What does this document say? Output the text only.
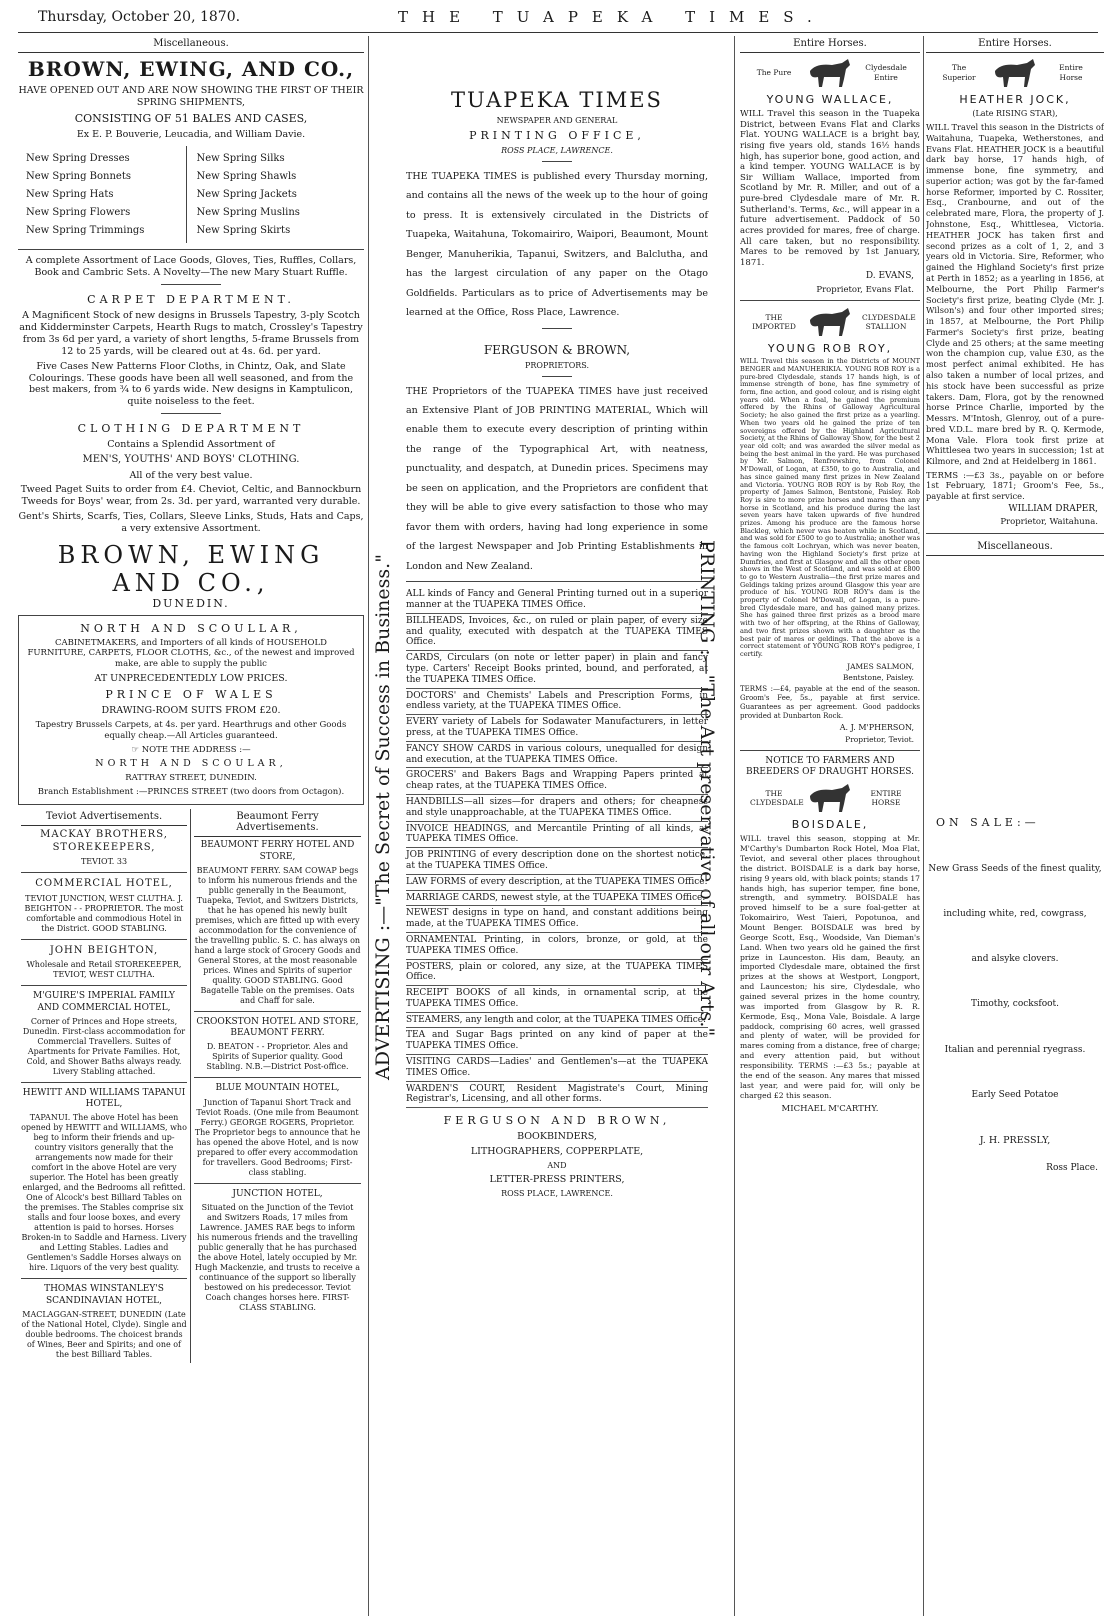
Thursday, October 20, 1870.	THE TUAPEKA TIMES.
Miscellaneous.
BROWN, EWING, AND CO.,

HAVE OPENED OUT AND ARE NOW SHOWING THE FIRST OF THEIR SPRING SHIPMENTS,

CONSISTING OF 51 BALES AND CASES,

Ex E. P. Bouverie, Leucadia, and William Davie.

New Spring Dresses
New Spring Bonnets
New Spring Hats
New Spring Flowers
New Spring Trimmings
New Spring Silks
New Spring Shawls
New Spring Jackets
New Spring Muslins
New Spring Skirts

A complete Assortment of Lace Goods, Gloves, Ties, Ruffles, Collars, Book and Cambric Sets. A Novelty—The new Mary Stuart Ruffle.

CARPET DEPARTMENT.

A Magnificent Stock of new designs in Brussels Tapestry, 3-ply Scotch and Kidderminster Carpets, Hearth Rugs to match, Crossley's Tapestry from 3s 6d per yard, a variety of short lengths, 5-frame Brussels from 12 to 25 yards, will be cleared out at 4s. 6d. per yard.

Five Cases New Patterns Floor Cloths, in Chintz, Oak, and Slate Colourings. These goods have been all well seasoned, and from the best makers, from ¾ to 6 yards wide. New designs in Kamptulicon, quite noiseless to the feet.

CLOTHING DEPARTMENT

Contains a Splendid Assortment of

MEN'S, YOUTHS' AND BOYS' CLOTHING.

All of the very best value.

Tweed Paget Suits to order from £4. Cheviot, Celtic, and Bannockburn Tweeds for Boys' wear, from 2s. 3d. per yard, warranted very durable.

Gent's Shirts, Scarfs, Ties, Collars, Sleeve Links, Studs, Hats and Caps, a very extensive Assortment.

BROWN, EWING AND CO.,

DUNEDIN.

NORTH AND SCOULLAR,

CABINETMAKERS, and Importers of all kinds of HOUSEHOLD FURNITURE, CARPETS, FLOOR CLOTHS, &c., of the newest and improved make, are able to supply the public

AT UNPRECEDENTEDLY LOW PRICES.

PRINCE OF WALES

DRAWING-ROOM SUITS FROM £20.

Tapestry Brussels Carpets, at 4s. per yard. Hearthrugs and other Goods equally cheap.—All Articles guaranteed.

☞ NOTE THE ADDRESS :—

NORTH AND SCOULAR,

RATTRAY STREET, DUNEDIN.

Branch Establishment :—PRINCES STREET (two doors from Octagon).

Teviot Advertisements.

MACKAY BROTHERS, STOREKEEPERS,

TEVIOT. 33

COMMERCIAL HOTEL,

TEVIOT JUNCTION, WEST CLUTHA. J. BEIGHTON - - PROPRIETOR. The most comfortable and commodious Hotel in the District. GOOD STABLING.

JOHN BEIGHTON,

Wholesale and Retail STOREKEEPER, TEVIOT, WEST CLUTHA.

M'GUIRE'S IMPERIAL FAMILY AND COMMERCIAL HOTEL,

Corner of Princes and Hope streets, Dunedin. First-class accommodation for Commercial Travellers. Suites of Apartments for Private Families. Hot, Cold, and Shower Baths always ready. Livery Stabling attached.

HEWITT AND WILLIAMS TAPANUI HOTEL,

TAPANUI. The above Hotel has been opened by HEWITT and WILLIAMS, who beg to inform their friends and up-country visitors generally that the arrangements now made for their comfort in the above Hotel are very superior. The Hotel has been greatly enlarged, and the Bedrooms all refitted. One of Alcock's best Billiard Tables on the premises. The Stables comprise six stalls and four loose boxes, and every attention is paid to horses. Horses Broken-in to Saddle and Harness. Livery and Letting Stables. Ladies and Gentlemen's Saddle Horses always on hire. Liquors of the very best quality.

THOMAS WINSTANLEY'S SCANDINAVIAN HOTEL,

MACLAGGAN-STREET, DUNEDIN (Late of the National Hotel, Clyde). Single and double bedrooms. The choicest brands of Wines, Beer and Spirits; and one of the best Billiard Tables.

Beaumont Ferry Advertisements.

BEAUMONT FERRY HOTEL AND STORE,

BEAUMONT FERRY. SAM COWAP begs to inform his numerous friends and the public generally in the Beaumont, Tuapeka, Teviot, and Switzers Districts, that he has opened his newly built premises, which are fitted up with every accommodation for the convenience of the travelling public. S. C. has always on hand a large stock of Grocery Goods and General Stores, at the most reasonable prices. Wines and Spirits of superior quality. GOOD STABLING. Good Bagatelle Table on the premises. Oats and Chaff for sale.

CROOKSTON HOTEL AND STORE, BEAUMONT FERRY.

D. BEATON - - Proprietor. Ales and Spirits of Superior quality. Good Stabling. N.B.—District Post-office.

BLUE MOUNTAIN HOTEL,

Junction of Tapanui Short Track and Teviot Roads. (One mile from Beaumont Ferry.) GEORGE ROGERS, Proprietor. The Proprietor begs to announce that he has opened the above Hotel, and is now prepared to offer every accommodation for travellers. Good Bedrooms; First-class stabling.

JUNCTION HOTEL,

Situated on the Junction of the Teviot and Switzers Roads, 17 miles from Lawrence. JAMES RAE begs to inform his numerous friends and the travelling public generally that he has purchased the above Hotel, lately occupied by Mr. Hugh Mackenzie, and trusts to receive a continuance of the support so liberally bestowed on his predecessor. Teviot Coach changes horses here. FIRST-CLASS STABLING.

ADVERTISING :—"The Secret of Success in Business."	PRINTING :—"The Art preservative of all our Arts."
TUAPEKA TIMES

NEWSPAPER AND GENERAL

PRINTING OFFICE,

ROSS PLACE, LAWRENCE.

THE TUAPEKA TIMES is published every Thursday morning, and contains all the news of the week up to the hour of going to press. It is extensively circulated in the Districts of Tuapeka, Waitahuna, Tokomairiro, Waipori, Beaumont, Mount Benger, Manuherikia, Tapanui, Switzers, and Balclutha, and has the largest circulation of any paper on the Otago Goldfields. Particulars as to price of Advertisements may be learned at the Office, Ross Place, Lawrence.

FERGUSON & BROWN,

PROPRIETORS.

THE Proprietors of the TUAPEKA TIMES have just received an Extensive Plant of JOB PRINTING MATERIAL, Which will enable them to execute every description of printing within the range of the Typographical Art, with neatness, punctuality, and despatch, at Dunedin prices. Specimens may be seen on application, and the Proprietors are confident that they will be able to give every satisfaction to those who may favor them with orders, having had long experience in some of the largest Newspaper and Job Printing Establishments in London and New Zealand.

ALL kinds of Fancy and General Printing turned out in a superior manner at the TUAPEKA TIMES Office.

BILLHEADS, Invoices, &c., on ruled or plain paper, of every size and quality, executed with despatch at the TUAPEKA TIMES Office.

CARDS, Circulars (on note or letter paper) in plain and fancy type. Carters' Receipt Books printed, bound, and perforated, at the TUAPEKA TIMES Office.

DOCTORS' and Chemists' Labels and Prescription Forms, in endless variety, at the TUAPEKA TIMES Office.

EVERY variety of Labels for Sodawater Manufacturers, in letter press, at the TUAPEKA TIMES Office.

FANCY SHOW CARDS in various colours, unequalled for design and execution, at the TUAPEKA TIMES Office.

GROCERS' and Bakers Bags and Wrapping Papers printed at cheap rates, at the TUAPEKA TIMES Office.

HANDBILLS—all sizes—for drapers and others; for cheapness and style unapproachable, at the TUAPEKA TIMES Office.

INVOICE HEADINGS, and Mercantile Printing of all kinds, at TUAPEKA TIMES Office.

JOB PRINTING of every description done on the shortest notice, at the TUAPEKA TIMES Office.

LAW FORMS of every description, at the TUAPEKA TIMES Office.

MARRIAGE CARDS, newest style, at the TUAPEKA TIMES Office.

NEWEST designs in type on hand, and constant additions being made, at the TUAPEKA TIMES Office.

ORNAMENTAL Printing, in colors, bronze, or gold, at the TUAPEKA TIMES Office.

POSTERS, plain or colored, any size, at the TUAPEKA TIMES Office.

RECEIPT BOOKS of all kinds, in ornamental scrip, at the TUAPEKA TIMES Office.

STEAMERS, any length and color, at the TUAPEKA TIMES Office.

TEA and Sugar Bags printed on any kind of paper at the TUAPEKA TIMES Office.

VISITING CARDS—Ladies' and Gentlemen's—at the TUAPEKA TIMES Office.

WARDEN'S COURT, Resident Magistrate's Court, Mining Registrar's, Licensing, and all other forms.

FERGUSON AND BROWN,

BOOKBINDERS,

LITHOGRAPHERS, COPPERPLATE,

AND

LETTER-PRESS PRINTERS,

ROSS PLACE, LAWRENCE.

Entire Horses.
The Pure
Clydesdale Entire
YOUNG WALLACE,

WILL Travel this season in the Tuapeka District, between Evans Flat and Clarks Flat. YOUNG WALLACE is a bright bay, rising five years old, stands 16½ hands high, has superior bone, good action, and a kind temper. YOUNG WALLACE is by Sir William Wallace, imported from Scotland by Mr. R. Miller, and out of a pure-bred Clydesdale mare of Mr. R. Sutherland's. Terms, &c., will appear in a future advertisement. Paddock of 50 acres provided for mares, free of charge. All care taken, but no responsibility. Mares to be removed by 1st January, 1871.

D. EVANS,

Proprietor, Evans Flat.

THE IMPORTED
CLYDESDALE STALLION
YOUNG ROB ROY,

WILL Travel this season in the Districts of MOUNT BENGER and MANUHERIKIA. YOUNG ROB ROY is a pure-bred Clydesdale, stands 17 hands high, is of immense strength of bone, has fine symmetry of form, fine action, and good colour, and is rising eight years old. When a foal, he gained the premium offered by the Rhins of Galloway Agricultural Society; he also gained the first prize as a yearling. When two years old he gained the prize of ten sovereigns offered by the Highland Agricultural Society, at the Rhins of Galloway Show, for the best 2 year old colt; and was awarded the silver medal as being the best animal in the yard. He was purchased by Mr. Salmon, Renfrewshire, from Colonel M'Dowall, of Logan, at £350, to go to Australia, and has since gained many first prizes in New Zealand and Victoria. YOUNG ROB ROY is by Rob Roy, the property of James Salmon, Bentstone, Paisley. Rob Roy is sire to more prize horses and mares than any horse in Scotland, and his produce during the last seven years have taken upwards of five hundred prizes. Among his produce are the famous horse Blackleg, which never was beaten while in Scotland, and was sold for £500 to go to Australia; another was the famous colt Lochryan, which was never beaten, having won the Highland Society's first prize at Dumfries, and first at Glasgow and all the other open shows in the West of Scotland, and was sold at £800 to go to Western Australia—the first prize mares and Geldings taking prizes around Glasgow this year are produce of his. YOUNG ROB ROY's dam is the property of Colonel M'Dowall, of Logan, is a pure-bred Clydesdale mare, and has gained many prizes. She has gained three first prizes as a brood mare with two of her offspring, at the Rhins of Galloway, and two first prizes shown with a daughter as the best pair of mares or geldings. That the above is a correct statement of YOUNG ROB ROY's pedigree, I certify.

JAMES SALMON,

Bentstone, Paisley.

TERMS :—£4, payable at the end of the season. Groom's Fee, 5s., payable at first service. Guarantees as per agreement. Good paddocks provided at Dunbarton Rock.

A. J. M'PHERSON,

Proprietor, Teviot.

NOTICE TO FARMERS AND BREEDERS OF DRAUGHT HORSES.

THE CLYDESDALE
ENTIRE HORSE
BOISDALE,

WILL travel this season, stopping at Mr. M'Carthy's Dumbarton Rock Hotel, Moa Flat, Teviot, and several other places throughout the district. BOISDALE is a dark bay horse, rising 9 years old, with black points; stands 17 hands high, has superior temper, fine bone, strength, and symmetry. BOISDALE has proved himself to be a sure foal-getter at Tokomairiro, West Taieri, Popotunoa, and Mount Benger. BOISDALE was bred by George Scott, Esq., Woodside, Van Dieman's Land. When two years old he gained the first prize in Launceston. His dam, Beauty, an imported Clydesdale mare, obtained the first prizes at the shows at Westport, Longport, and Launceston; his sire, Clydesdale, who gained several prizes in the home country, was imported from Glasgow by R. R. Kermode, Esq., Mona Vale, Boisdale. A large paddock, comprising 60 acres, well grassed and plenty of water, will be provided for mares coming from a distance, free of charge; and every attention paid, but without responsibility. TERMS :—£3 5s.; payable at the end of the season. Any mares that missed last year, and were paid for, will only be charged £2 this season.

MICHAEL M'CARTHY.

Entire Horses.
The Superior
Entire Horse
HEATHER JOCK,

(Late RISING STAR),

WILL Travel this season in the Districts of Waitahuna, Tuapeka, Wetherstones, and Evans Flat. HEATHER JOCK is a beautiful dark bay horse, 17 hands high, of immense bone, fine symmetry, and superior action; was got by the far-famed horse Reformer, imported by C. Rossiter, Esq., Cranbourne, and out of the celebrated mare, Flora, the property of J. Johnstone, Esq., Whittlesea, Victoria. HEATHER JOCK has taken first and second prizes as a colt of 1, 2, and 3 years old in Victoria. Sire, Reformer, who gained the Highland Society's first prize at Perth in 1852; as a yearling in 1856, at Melbourne, the Port Philip Farmer's Society's first prize, beating Clyde (Mr. J. Wilson's) and four other imported sires; in 1857, at Melbourne, the Port Philip Farmer's Society's first prize, beating Clyde and 25 others; at the same meeting won the champion cup, value £30, as the most perfect animal exhibited. He has also taken a number of local prizes, and his stock have been successful as prize takers. Dam, Flora, got by the renowned horse Prince Charlie, imported by the Messrs. M'Intosh, Glenroy, out of a pure-bred V.D.L. mare bred by R. Q. Kermode, Mona Vale. Flora took first prize at Whittlesea two years in succession; 1st at Kilmore, and 2nd at Heidelberg in 1861.

TERMS :—£3 3s., payable on or before 1st February, 1871; Groom's Fee, 5s., payable at first service.

WILLIAM DRAPER,

Proprietor, Waitahuna.

Miscellaneous.

ON SALE:—

New Grass Seeds of the finest quality,

including white, red, cowgrass,

and alsyke clovers.

Timothy, cocksfoot.

Italian and perennial ryegrass.

Early Seed Potatoe

J. H. PRESSLY,

Ross Place.
